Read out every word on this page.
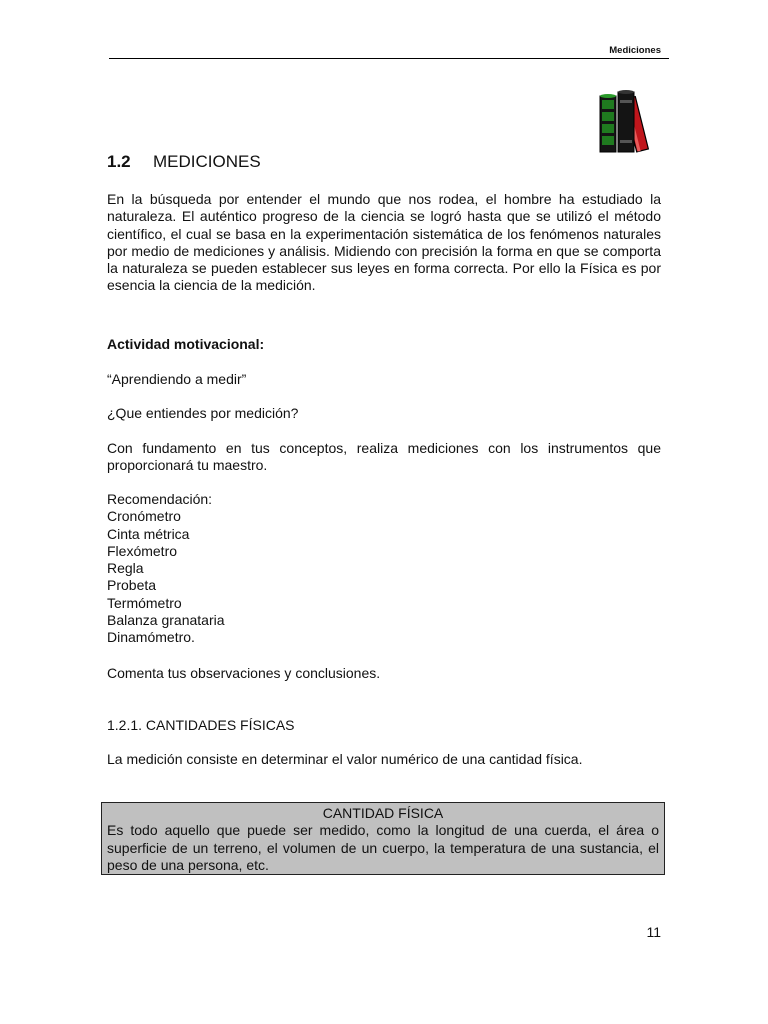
Mediciones
1.2 MEDICIONES

En la búsqueda por entender el mundo que nos rodea, el hombre ha estudiado la naturaleza. El auténtico progreso de la ciencia se logró hasta que se utilizó el método científico, el cual se basa en la experimentación sistemática de los fenómenos naturales por medio de mediciones y análisis. Midiendo con precisión la forma en que se comporta la naturaleza se pueden establecer sus leyes en forma correcta. Por ello la Física es por esencia la ciencia de la medición.

Actividad motivacional:

“Aprendiendo a medir”

¿Que entiendes por medición?

Con fundamento en tus conceptos, realiza mediciones con los instrumentos que proporcionará tu maestro.

Recomendación:
Cronómetro
Cinta métrica
Flexómetro
Regla
Probeta
Termómetro
Balanza granataria
Dinamómetro.

Comenta tus observaciones y conclusiones.

1.2.1. CANTIDADES FÍSICAS

La medición consiste en determinar el valor numérico de una cantidad física.

CANTIDAD FÍSICA
Es todo aquello que puede ser medido, como la longitud de una cuerda, el área o superficie de un terreno, el volumen de un cuerpo, la temperatura de una sustancia, el peso de una persona, etc.
11
